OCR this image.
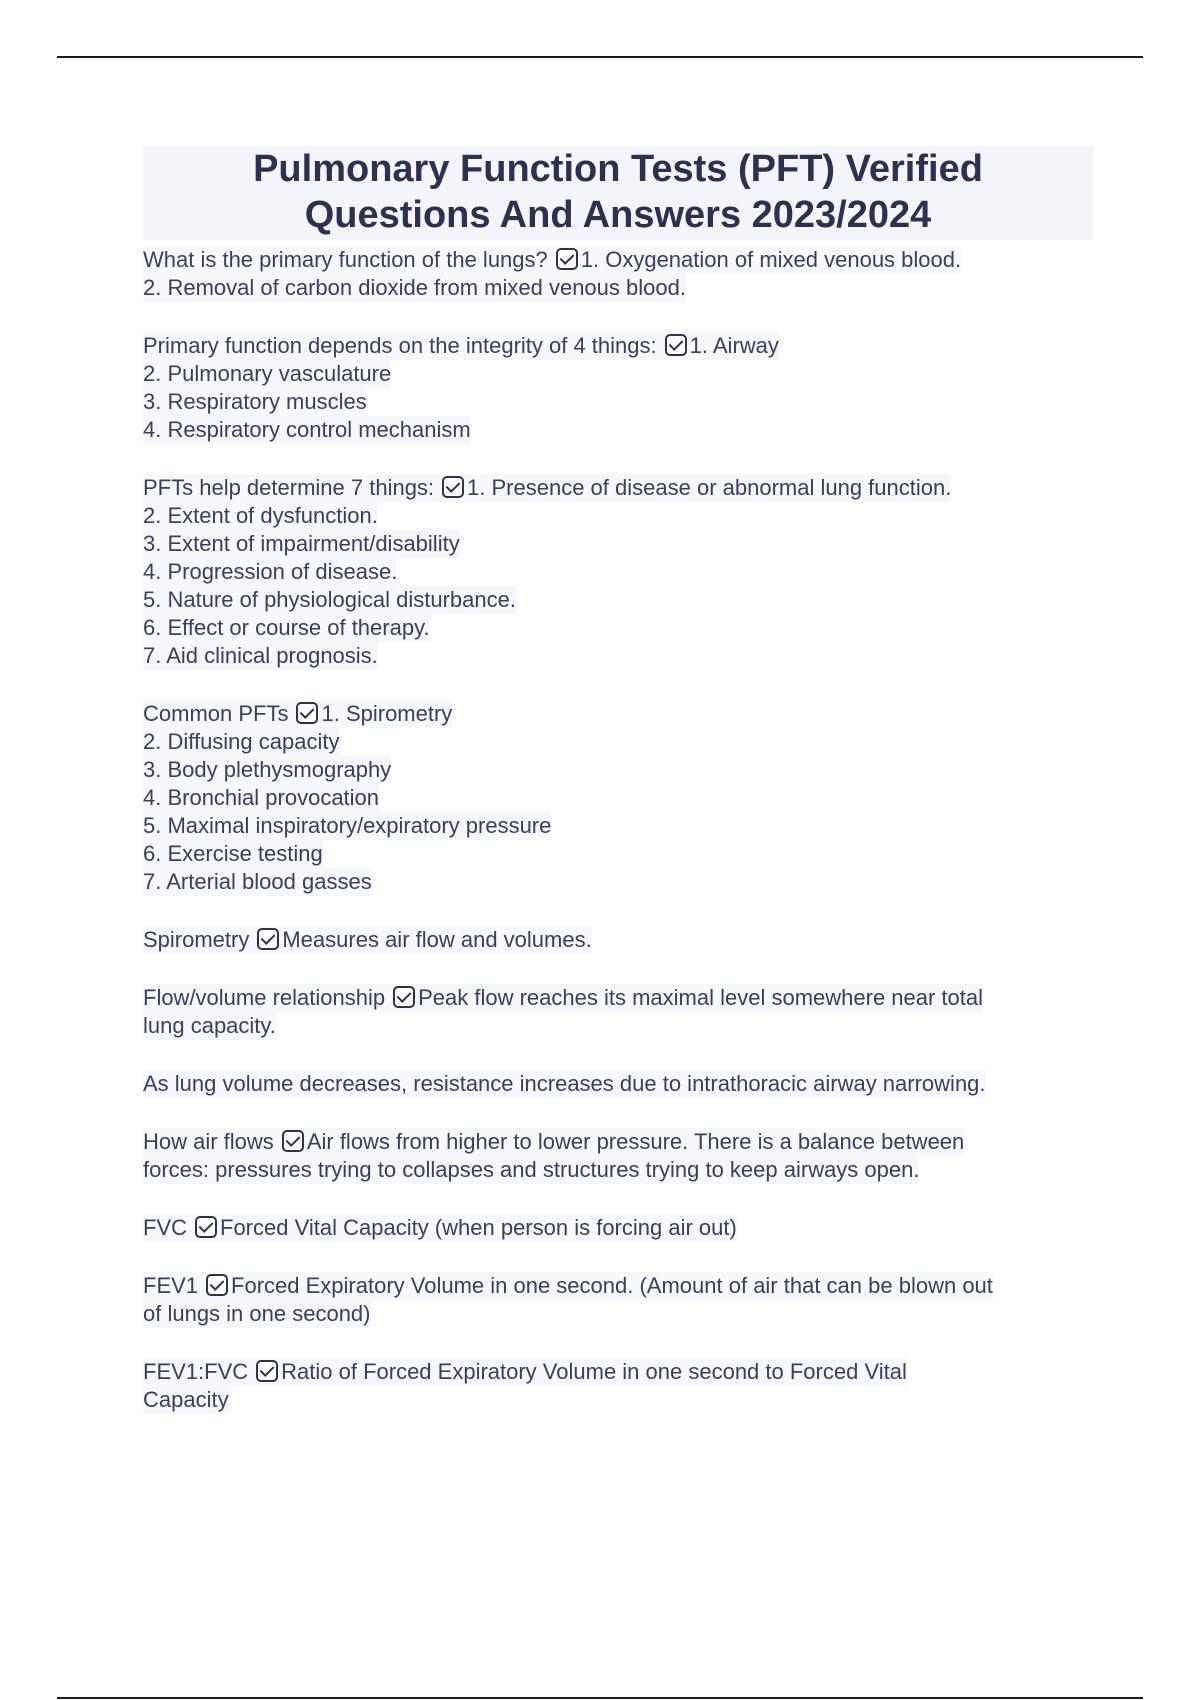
Pulmonary Function Tests (PFT) Verified
Questions And Answers 2023/2024
What is the primary function of the lungs? 1. Oxygenation of mixed venous blood.
2. Removal of carbon dioxide from mixed venous blood.
Primary function depends on the integrity of 4 things: 1. Airway
2. Pulmonary vasculature
3. Respiratory muscles
4. Respiratory control mechanism
PFTs help determine 7 things: 1. Presence of disease or abnormal lung function.
2. Extent of dysfunction.
3. Extent of impairment/disability
4. Progression of disease.
5. Nature of physiological disturbance.
6. Effect or course of therapy.
7. Aid clinical prognosis.
Common PFTs 1. Spirometry
2. Diffusing capacity
3. Body plethysmography
4. Bronchial provocation
5. Maximal inspiratory/expiratory pressure
6. Exercise testing
7. Arterial blood gasses
Spirometry Measures air flow and volumes.
Flow/volume relationship Peak flow reaches its maximal level somewhere near total
lung capacity.
As lung volume decreases, resistance increases due to intrathoracic airway narrowing.
How air flows Air flows from higher to lower pressure. There is a balance between
forces: pressures trying to collapses and structures trying to keep airways open.
FVC Forced Vital Capacity (when person is forcing air out)
FEV1 Forced Expiratory Volume in one second. (Amount of air that can be blown out
of lungs in one second)
FEV1:FVC Ratio of Forced Expiratory Volume in one second to Forced Vital
Capacity
